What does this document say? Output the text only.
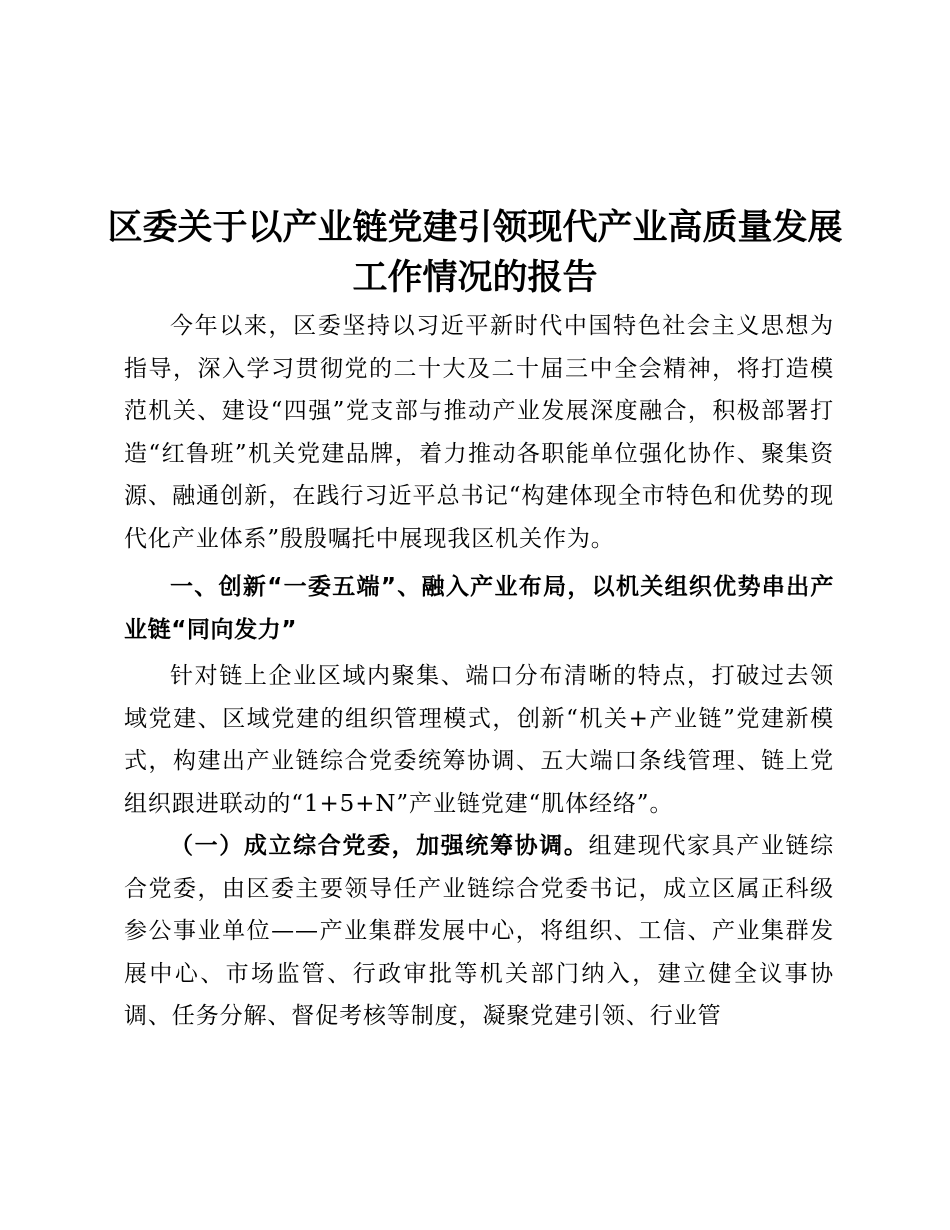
区委关于以产业链党建引领现代产业高质量发展工作情况的报告

今年以来，区委坚持以习近平新时代中国特色社会主义思想为指导，深入学习贯彻党的二十大及二十届三中全会精神，将打造模范机关、建设“四强”党支部与推动产业发展深度融合，积极部署打造“红鲁班”机关党建品牌，着力推动各职能单位强化协作、聚集资源、融通创新，在践行习近平总书记“构建体现全市特色和优势的现代化产业体系”殷殷嘱托中展现我区机关作为。

一、创新“一委五端”、融入产业布局，以机关组织优势串出产业链“同向发力”

针对链上企业区域内聚集、端口分布清晰的特点，打破过去领域党建、区域党建的组织管理模式，创新“机关+产业链”党建新模式，构建出产业链综合党委统筹协调、五大端口条线管理、链上党组织跟进联动的“1+5+N”产业链党建“肌体经络”。

（一）成立综合党委，加强统筹协调。组建现代家具产业链综合党委，由区委主要领导任产业链综合党委书记，成立区属正科级参公事业单位——产业集群发展中心，将组织、工信、产业集群发展中心、市场监管、行政审批等机关部门纳入，建立健全议事协调、任务分解、督促考核等制度，凝聚党建引领、行业管
